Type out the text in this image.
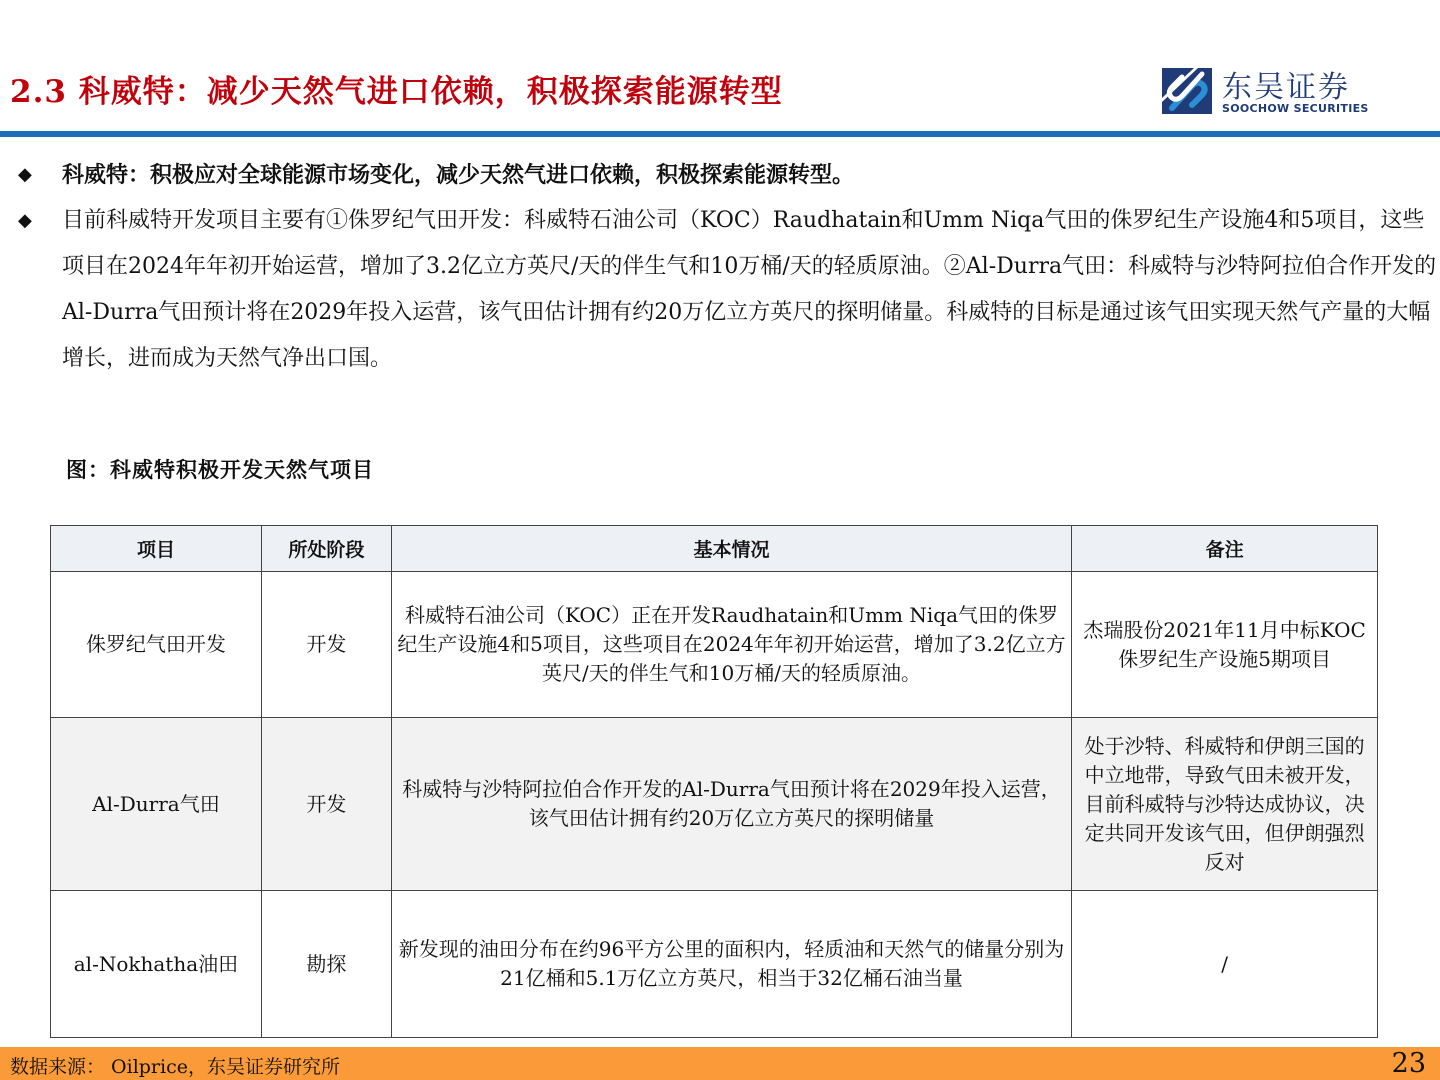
2.3 科威特：减少天然气进口依赖，积极探索能源转型	东吴证券
SOOCHOW SECURITIES
◆ 科威特：积极应对全球能源市场变化，减少天然气进口依赖，积极探索能源转型。
◆ 目前科威特开发项目主要有①侏罗纪气田开发：科威特石油公司（KOC）Raudhatain和Umm Niqa气田的侏罗纪生产设施4和5项目，这些项目在2024年年初开始运营，增加了3.2亿立方英尺/天的伴生气和10万桶/天的轻质原油。②Al-Durra气田：科威特与沙特阿拉伯合作开发的Al-Durra气田预计将在2029年投入运营，该气田估计拥有约20万亿立方英尺的探明储量。科威特的目标是通过该气田实现天然气产量的大幅增长，进而成为天然气净出口国。
图：科威特积极开发天然气项目
项目	所处阶段	基本情况	备注
侏罗纪气田开发	开发	科威特石油公司（KOC）正在开发Raudhatain和Umm Niqa气田的侏罗纪生产设施4和5项目，这些项目在2024年年初开始运营，增加了3.2亿立方英尺/天的伴生气和10万桶/天的轻质原油。	杰瑞股份2021年11月中标KOC侏罗纪生产设施5期项目
Al-Durra气田	开发	科威特与沙特阿拉伯合作开发的Al-Durra气田预计将在2029年投入运营，该气田估计拥有约20万亿立方英尺的探明储量	处于沙特、科威特和伊朗三国的中立地带，导致气田未被开发，目前科威特与沙特达成协议，决定共同开发该气田，但伊朗强烈反对
al-Nokhatha油田	勘探	新发现的油田分布在约96平方公里的面积内，轻质油和天然气的储量分别为21亿桶和5.1万亿立方英尺，相当于32亿桶石油当量	/
数据来源： Oilprice，东吴证券研究所	23
